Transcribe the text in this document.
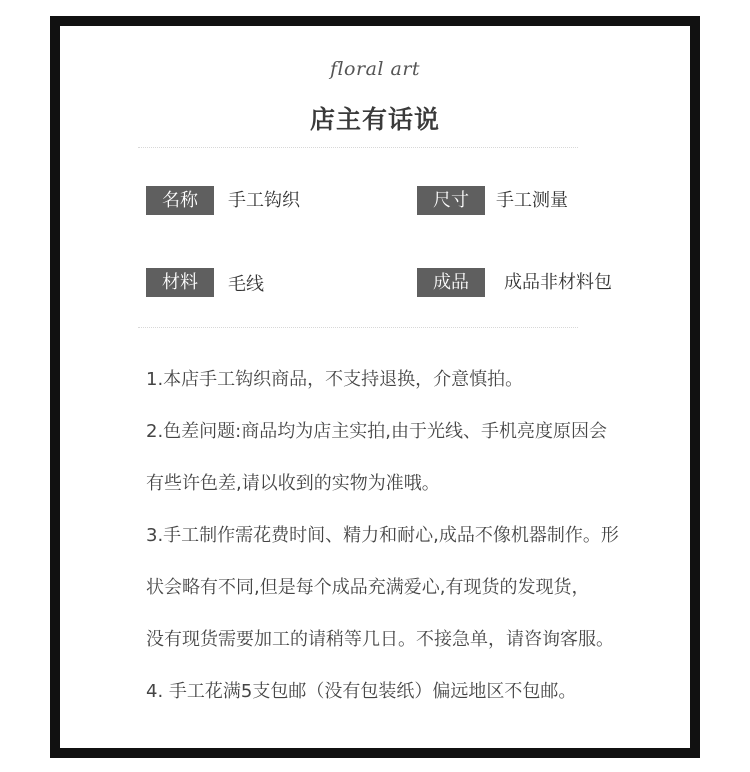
floral art
店主有话说
名称	手工钩织	尺寸	手工测量
材料	毛线	成品	成品非材料包
1.本店手工钩织商品，不支持退换，介意慎拍。
2.色差问题:商品均为店主实拍,由于光线、手机亮度原因会
有些许色差,请以收到的实物为准哦。
3.手工制作需花费时间、精力和耐心,成品不像机器制作。形
状会略有不同,但是每个成品充满爱心,有现货的发现货，
没有现货需要加工的请稍等几日。不接急单，请咨询客服。
4. 手工花满5支包邮（没有包装纸）偏远地区不包邮。
